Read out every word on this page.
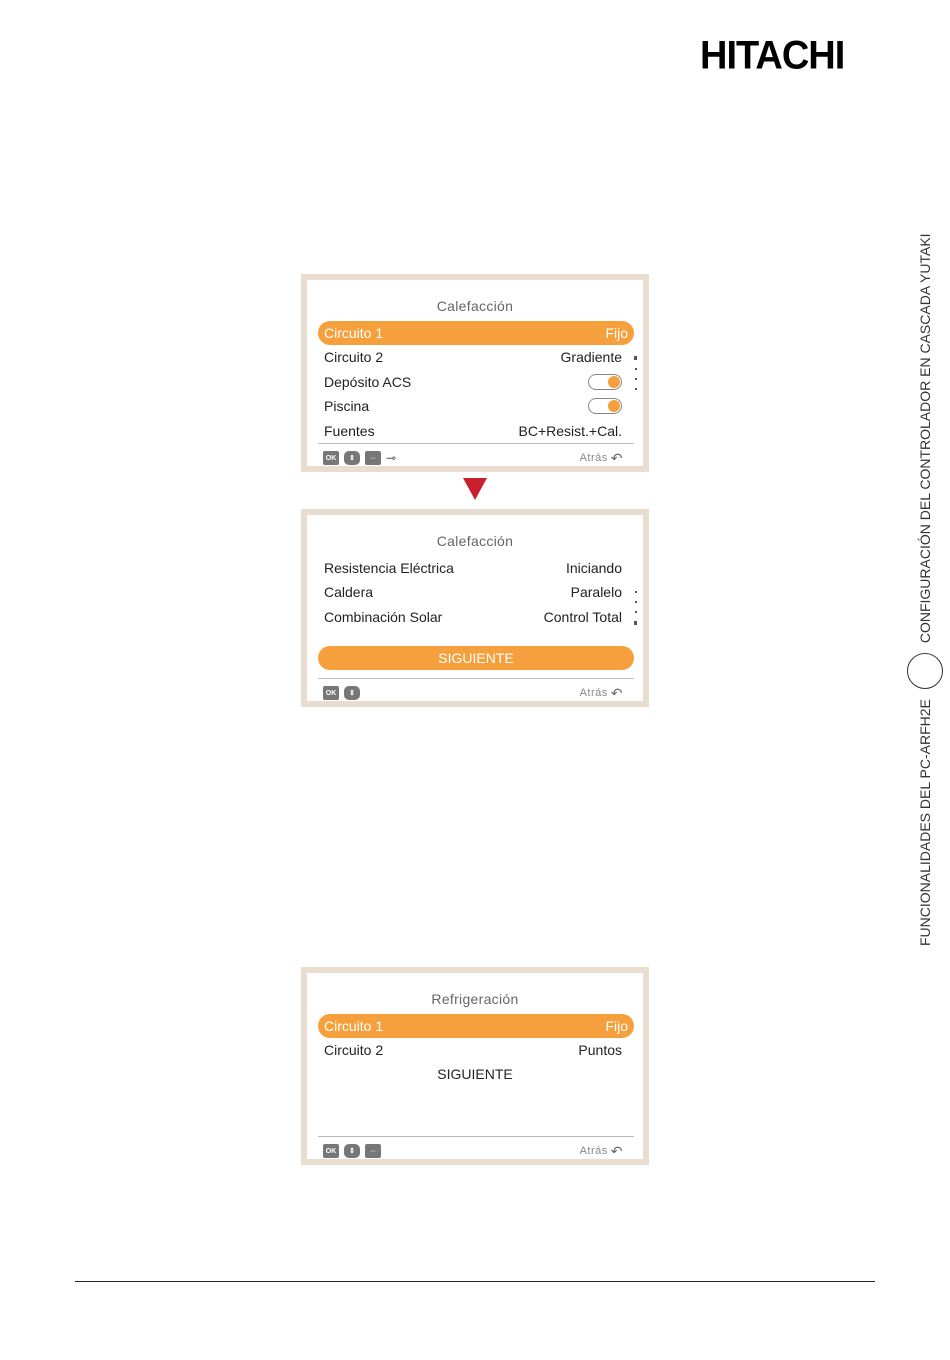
HITACHI
FUNCIONALIDADES DEL PC-ARFH2E
CONFIGURACIÓN DEL CONTROLADOR EN CASCADA YUTAKI
Calefacción
Circuito 1	Fijo
Circuito 2	Gradiente
Depósito ACS
Piscina
Fuentes	BC+Resist.+Cal.
OK	⇕	⇔ ⊸	Atrás ↶
Calefacción
Resistencia Eléctrica	Iniciando
Caldera	Paralelo
Combinación Solar	Control Total
SIGUIENTE
OK	⇕	Atrás ↶
Refrigeración
Circuito 1	Fijo
Circuito 2	Puntos
SIGUIENTE
OK	⇕	⇔	Atrás ↶
